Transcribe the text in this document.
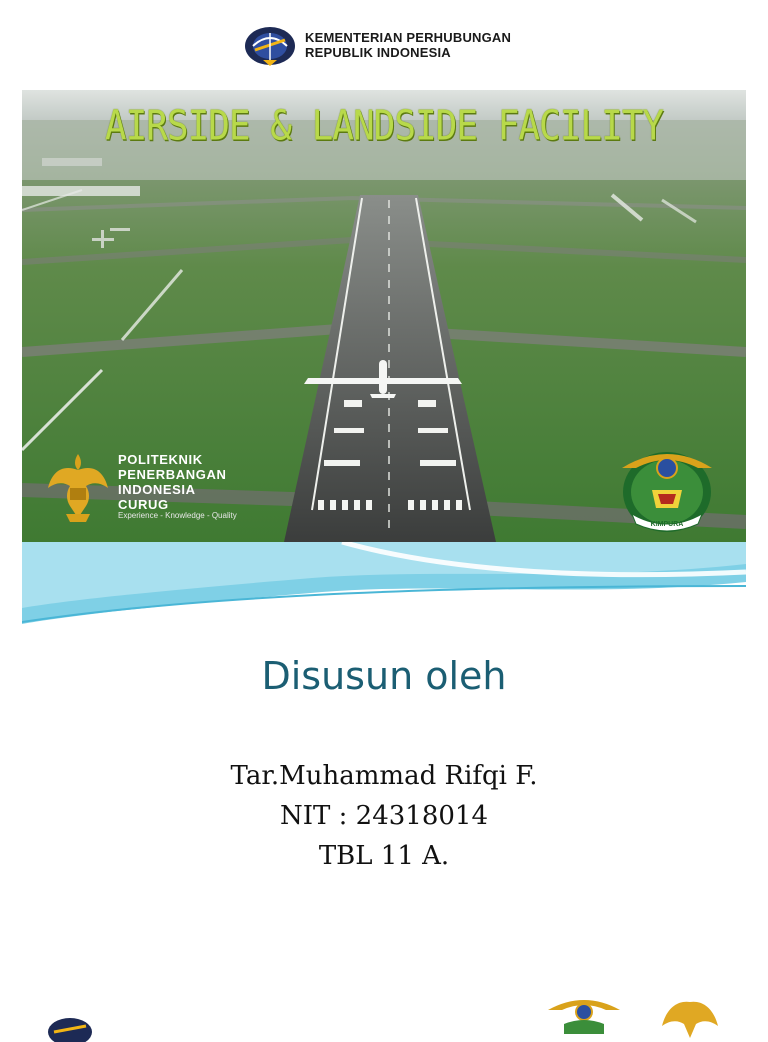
KEMENTERIAN PERHUBUNGAN
REPUBLIK INDONESIA
AIRSIDE & LANDSIDE FACILITY
POLITEKNIK
PENERBANGAN
INDONESIA
CURUG
Experience - Knowledge - Quality
KIMPURA
Disusun oleh
Tar.Muhammad Rifqi F.
NIT : 24318014
TBL 11 A.
